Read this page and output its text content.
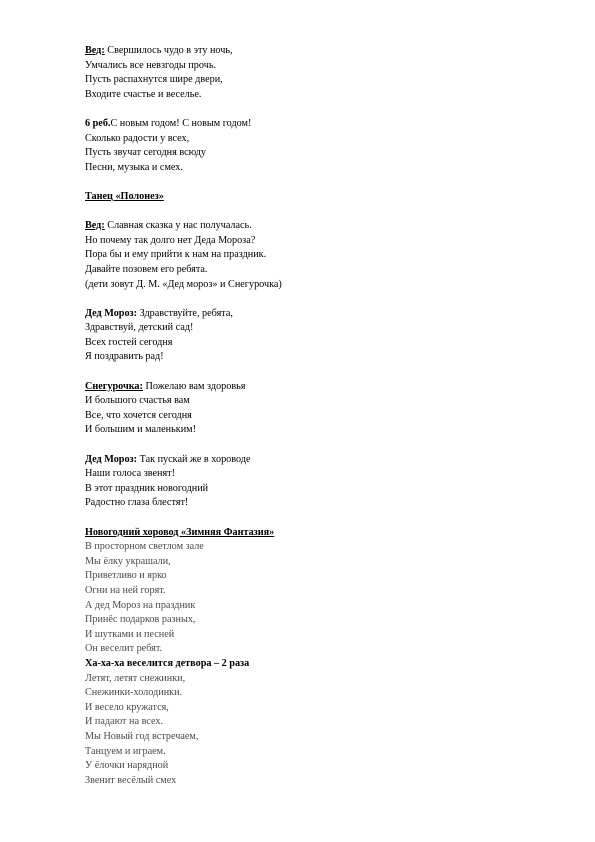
Вед: Свершилось чудо в эту ночь,
Умчались все невзгоды прочь.
Пусть распахнутся шире двери,
Входите счастье и веселье.
6 реб.С новым годом! С новым годом!
Сколько радости у всех,
Пусть звучат сегодня всюду
Песни, музыка и смех.
Танец «Полонез»
Вед: Славная сказка у нас получалась.
Но почему так долго нет Деда Мороза?
Пора бы и ему прийти к нам на праздник.
Давайте позовем его ребята.
(дети зовут Д. М. «Дед мороз» и Снегурочка)
Дед Мороз: Здравствуйте, ребята,
Здравствуй, детский сад!
Всех гостей сегодня
Я поздравить рад!
Снегурочка: Пожелаю вам здоровья
И большого счастья вам
Все, что хочется сегодня
И большим и маленьким!
Дед Мороз: Так пускай же в хороводе
Наши голоса звенят!
В этот праздник новогодний
Радостно глаза блестят!
Новогодний хоровод «Зимняя Фантазия»
В просторном светлом зале
Мы ёлку украшали,
Приветливо и ярко
Огни на ней горят.
А дед Мороз на праздник
Принёс подарков разных,
И шутками и песней
Он веселит ребят.
Ха-ха-ха веселится детвора – 2 раза
Летят, летят снежинки,
Снежинки-холодинки.
И весело кружатся,
И падают на всех.
Мы Новый год встречаем,
Танцуем и играем.
У ёлочки нарядной
Звенит весёлый смех
